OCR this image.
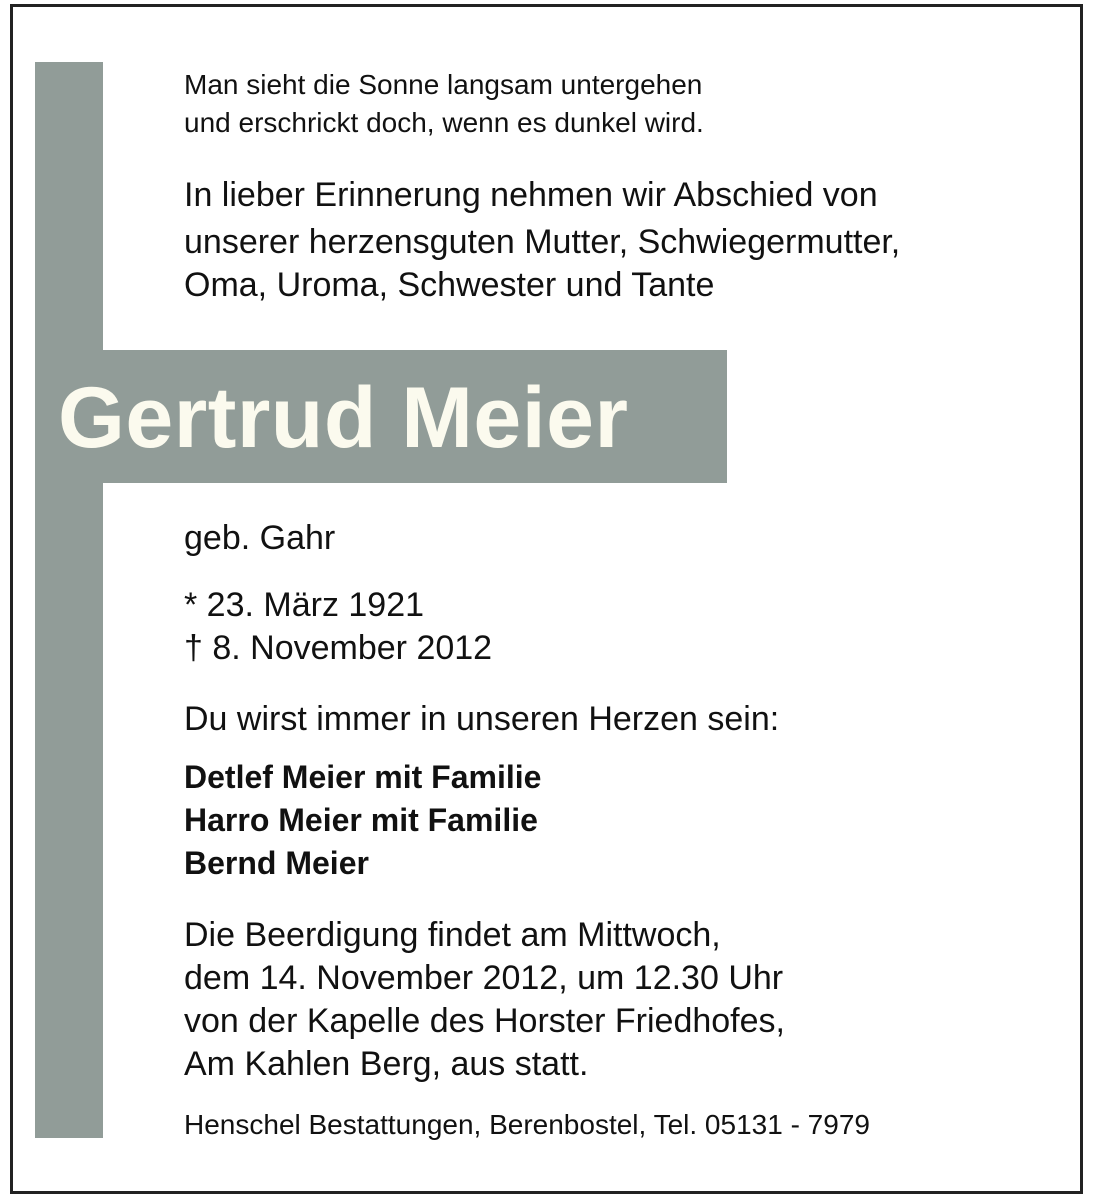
Gertrud Meier
Man sieht die Sonne langsam untergehen
und erschrickt doch, wenn es dunkel wird.
In lieber Erinnerung nehmen wir Abschied von
unserer herzensguten Mutter, Schwiegermutter,
Oma, Uroma, Schwester und Tante
geb. Gahr
* 23. März 1921
† 8. November 2012
Du wirst immer in unseren Herzen sein:
Detlef Meier mit Familie
Harro Meier mit Familie
Bernd Meier
Die Beerdigung findet am Mittwoch,
dem 14. November 2012, um 12.30 Uhr
von der Kapelle des Horster Friedhofes,
Am Kahlen Berg, aus statt.
Henschel Bestattungen, Berenbostel, Tel. 05131 - 7979
